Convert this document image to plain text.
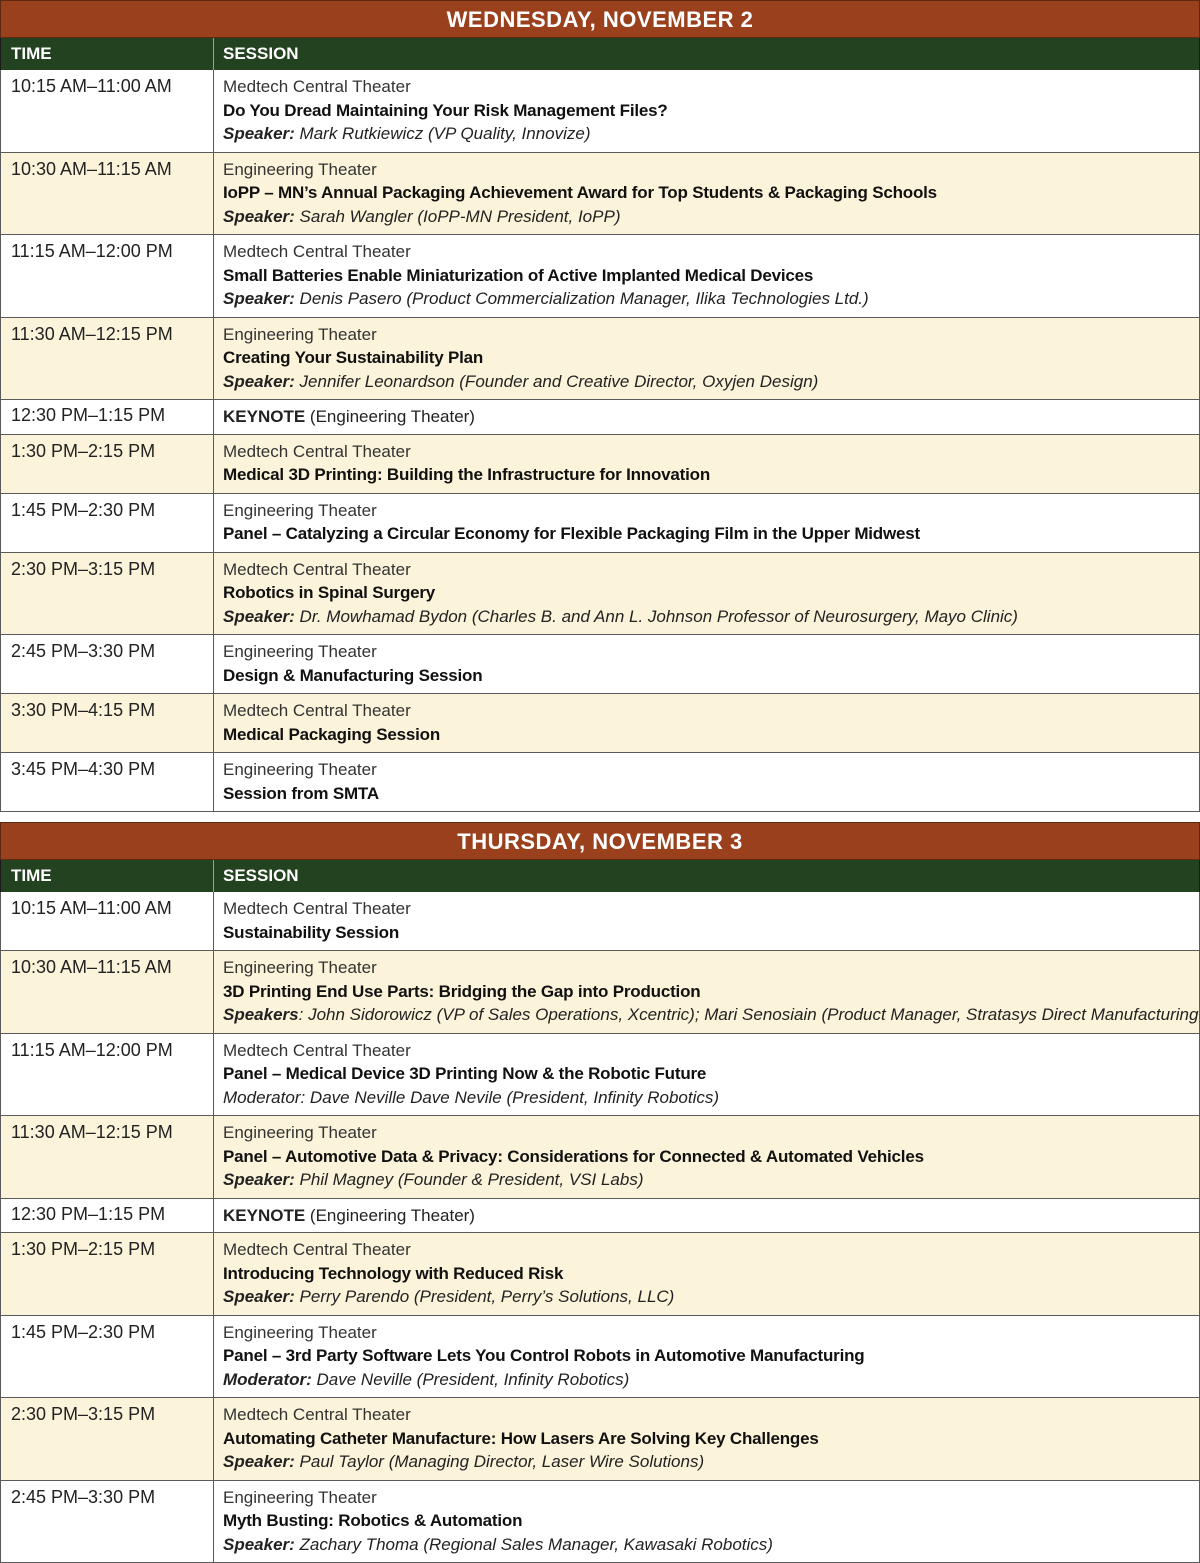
WEDNESDAY, NOVEMBER 2
TIME	SESSION
10:15 AM–11:00 AM	Medtech Central Theater
Do You Dread Maintaining Your Risk Management Files?
Speaker: Mark Rutkiewicz (VP Quality, Innovize)
10:30 AM–11:15 AM	Engineering Theater
IoPP – MN’s Annual Packaging Achievement Award for Top Students & Packaging Schools
Speaker: Sarah Wangler (IoPP-MN President, IoPP)
11:15 AM–12:00 PM	Medtech Central Theater
Small Batteries Enable Miniaturization of Active Implanted Medical Devices
Speaker: Denis Pasero (Product Commercialization Manager, Ilika Technologies Ltd.)
11:30 AM–12:15 PM	Engineering Theater
Creating Your Sustainability Plan
Speaker: Jennifer Leonardson (Founder and Creative Director, Oxyjen Design)
12:30 PM–1:15 PM	KEYNOTE (Engineering Theater)
1:30 PM–2:15 PM	Medtech Central Theater
Medical 3D Printing: Building the Infrastructure for Innovation
1:45 PM–2:30 PM	Engineering Theater
Panel – Catalyzing a Circular Economy for Flexible Packaging Film in the Upper Midwest
2:30 PM–3:15 PM	Medtech Central Theater
Robotics in Spinal Surgery
Speaker: Dr. Mowhamad Bydon (Charles B. and Ann L. Johnson Professor of Neurosurgery, Mayo Clinic)
2:45 PM–3:30 PM	Engineering Theater
Design & Manufacturing Session
3:30 PM–4:15 PM	Medtech Central Theater
Medical Packaging Session
3:45 PM–4:30 PM	Engineering Theater
Session from SMTA
THURSDAY, NOVEMBER 3
TIME	SESSION
10:15 AM–11:00 AM	Medtech Central Theater
Sustainability Session
10:30 AM–11:15 AM	Engineering Theater
3D Printing End Use Parts: Bridging the Gap into Production
Speakers: John Sidorowicz (VP of Sales Operations, Xcentric); Mari Senosiain (Product Manager, Stratasys Direct Manufacturing
11:15 AM–12:00 PM	Medtech Central Theater
Panel – Medical Device 3D Printing Now & the Robotic Future
Moderator: Dave Neville Dave Nevile (President, Infinity Robotics)
11:30 AM–12:15 PM	Engineering Theater
Panel – Automotive Data & Privacy: Considerations for Connected & Automated Vehicles
Speaker: Phil Magney (Founder & President, VSI Labs)
12:30 PM–1:15 PM	KEYNOTE (Engineering Theater)
1:30 PM–2:15 PM	Medtech Central Theater
Introducing Technology with Reduced Risk
Speaker: Perry Parendo (President, Perry’s Solutions, LLC)
1:45 PM–2:30 PM	Engineering Theater
Panel – 3rd Party Software Lets You Control Robots in Automotive Manufacturing
Moderator: Dave Neville (President, Infinity Robotics)
2:30 PM–3:15 PM	Medtech Central Theater
Automating Catheter Manufacture: How Lasers Are Solving Key Challenges
Speaker: Paul Taylor (Managing Director, Laser Wire Solutions)
2:45 PM–3:30 PM	Engineering Theater
Myth Busting: Robotics & Automation
Speaker: Zachary Thoma (Regional Sales Manager, Kawasaki Robotics)
